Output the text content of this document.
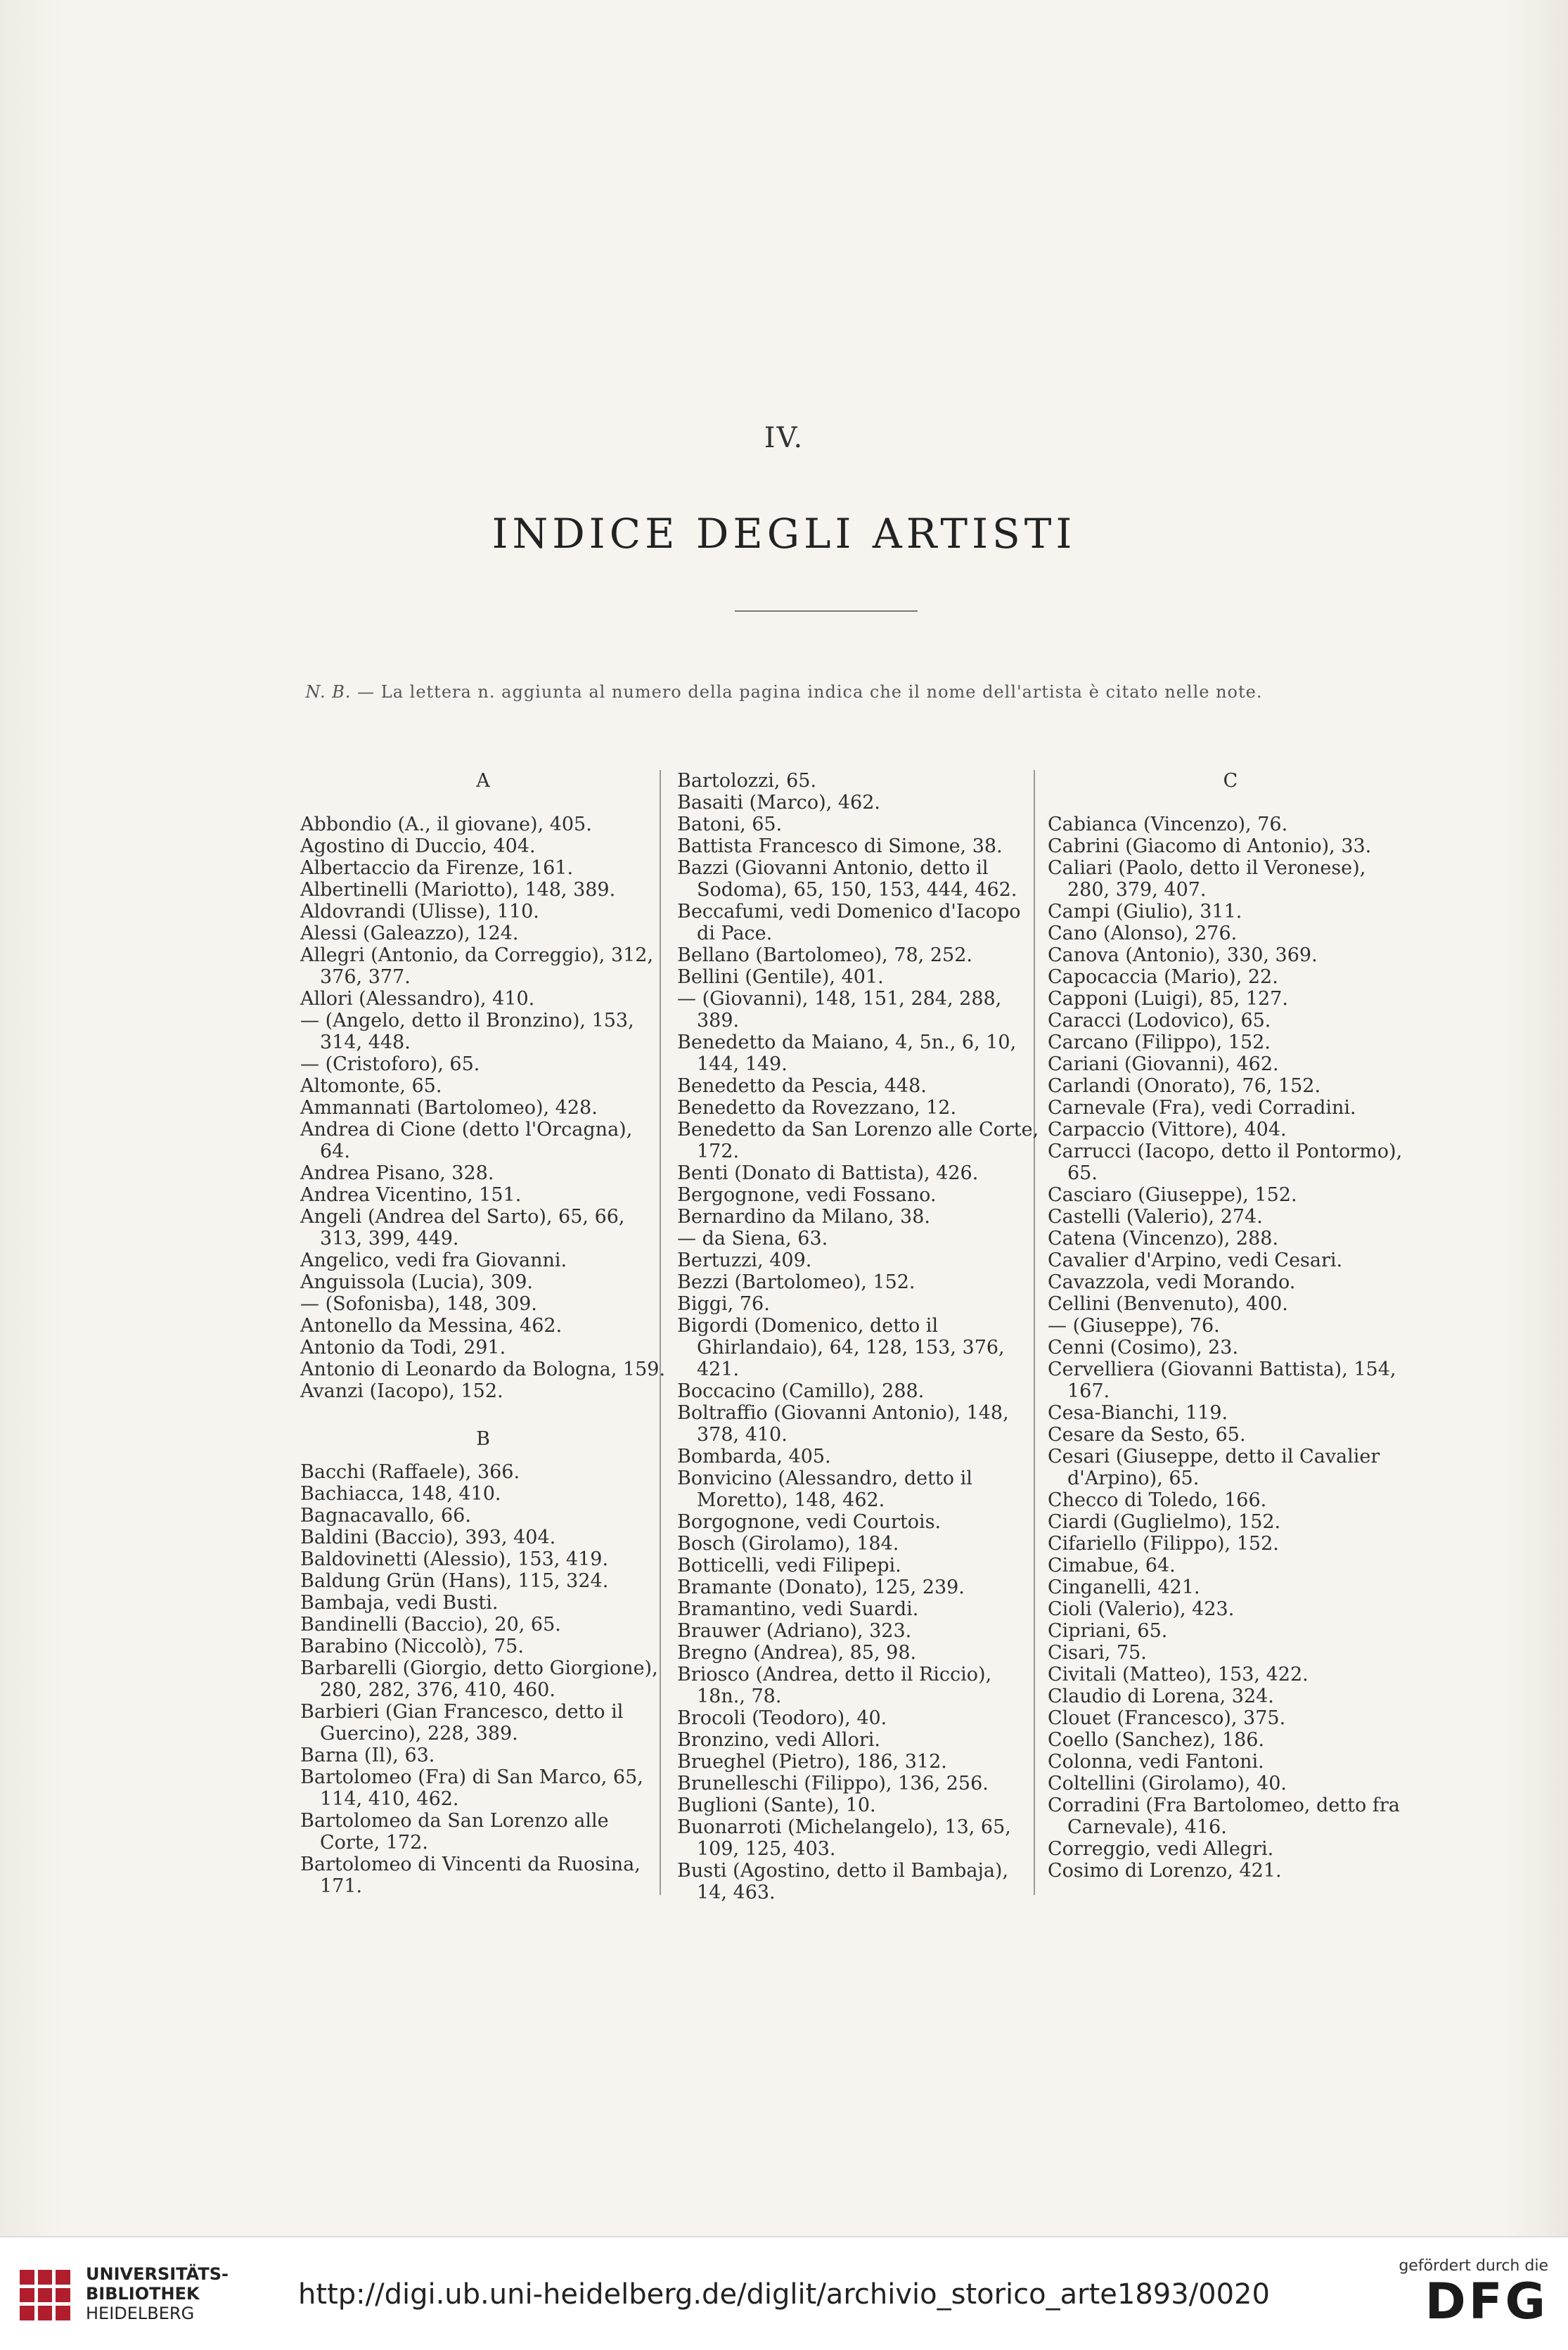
IV.
INDICE DEGLI ARTISTI
N. B. — La lettera n. aggiunta al numero della pagina indica che il nome dell'artista è citato nelle note.
A

Abbondio (A., il giovane), 405.

Agostino di Duccio, 404.

Albertaccio da Firenze, 161.

Albertinelli (Mariotto), 148, 389.

Aldovrandi (Ulisse), 110.

Alessi (Galeazzo), 124.

Allegri (Antonio, da Correggio), 312, 376, 377.

Allori (Alessandro), 410.

— (Angelo, detto il Bronzino), 153, 314, 448.

— (Cristoforo), 65.

Altomonte, 65.

Ammannati (Bartolomeo), 428.

Andrea di Cione (detto l'Orcagna), 64.

Andrea Pisano, 328.

Andrea Vicentino, 151.

Angeli (Andrea del Sarto), 65, 66, 313, 399, 449.

Angelico, vedi fra Giovanni.

Anguissola (Lucia), 309.

— (Sofonisba), 148, 309.

Antonello da Messina, 462.

Antonio da Todi, 291.

Antonio di Leonardo da Bologna, 159.

Avanzi (Iacopo), 152.

B

Bacchi (Raffaele), 366.

Bachiacca, 148, 410.

Bagnacavallo, 66.

Baldini (Baccio), 393, 404.

Baldovinetti (Alessio), 153, 419.

Baldung Grün (Hans), 115, 324.

Bambaja, vedi Busti.

Bandinelli (Baccio), 20, 65.

Barabino (Niccolò), 75.

Barbarelli (Giorgio, detto Giorgione), 280, 282, 376, 410, 460.

Barbieri (Gian Francesco, detto il Guercino), 228, 389.

Barna (Il), 63.

Bartolomeo (Fra) di San Marco, 65, 114, 410, 462.

Bartolomeo da San Lorenzo alle Corte, 172.

Bartolomeo di Vincenti da Ruosina, 171.

Bartolozzi, 65.

Basaiti (Marco), 462.

Batoni, 65.

Battista Francesco di Simone, 38.

Bazzi (Giovanni Antonio, detto il Sodoma), 65, 150, 153, 444, 462.

Beccafumi, vedi Domenico d'Iacopo di Pace.

Bellano (Bartolomeo), 78, 252.

Bellini (Gentile), 401.

— (Giovanni), 148, 151, 284, 288, 389.

Benedetto da Maiano, 4, 5n., 6, 10, 144, 149.

Benedetto da Pescia, 448.

Benedetto da Rovezzano, 12.

Benedetto da San Lorenzo alle Corte, 172.

Benti (Donato di Battista), 426.

Bergognone, vedi Fossano.

Bernardino da Milano, 38.

— da Siena, 63.

Bertuzzi, 409.

Bezzi (Bartolomeo), 152.

Biggi, 76.

Bigordi (Domenico, detto il Ghirlandaio), 64, 128, 153, 376, 421.

Boccacino (Camillo), 288.

Boltraffio (Giovanni Antonio), 148, 378, 410.

Bombarda, 405.

Bonvicino (Alessandro, detto il Moretto), 148, 462.

Borgognone, vedi Courtois.

Bosch (Girolamo), 184.

Botticelli, vedi Filipepi.

Bramante (Donato), 125, 239.

Bramantino, vedi Suardi.

Brauwer (Adriano), 323.

Bregno (Andrea), 85, 98.

Briosco (Andrea, detto il Riccio), 18n., 78.

Brocoli (Teodoro), 40.

Bronzino, vedi Allori.

Brueghel (Pietro), 186, 312.

Brunelleschi (Filippo), 136, 256.

Buglioni (Sante), 10.

Buonarroti (Michelangelo), 13, 65, 109, 125, 403.

Busti (Agostino, detto il Bambaja), 14, 463.

C

Cabianca (Vincenzo), 76.

Cabrini (Giacomo di Antonio), 33.

Caliari (Paolo, detto il Veronese), 280, 379, 407.

Campi (Giulio), 311.

Cano (Alonso), 276.

Canova (Antonio), 330, 369.

Capocaccia (Mario), 22.

Capponi (Luigi), 85, 127.

Caracci (Lodovico), 65.

Carcano (Filippo), 152.

Cariani (Giovanni), 462.

Carlandi (Onorato), 76, 152.

Carnevale (Fra), vedi Corradini.

Carpaccio (Vittore), 404.

Carrucci (Iacopo, detto il Pontormo), 65.

Casciaro (Giuseppe), 152.

Castelli (Valerio), 274.

Catena (Vincenzo), 288.

Cavalier d'Arpino, vedi Cesari.

Cavazzola, vedi Morando.

Cellini (Benvenuto), 400.

— (Giuseppe), 76.

Cenni (Cosimo), 23.

Cervelliera (Giovanni Battista), 154, 167.

Cesa-Bianchi, 119.

Cesare da Sesto, 65.

Cesari (Giuseppe, detto il Cavalier d'Arpino), 65.

Checco di Toledo, 166.

Ciardi (Guglielmo), 152.

Cifariello (Filippo), 152.

Cimabue, 64.

Cinganelli, 421.

Cioli (Valerio), 423.

Cipriani, 65.

Cisari, 75.

Civitali (Matteo), 153, 422.

Claudio di Lorena, 324.

Clouet (Francesco), 375.

Coello (Sanchez), 186.

Colonna, vedi Fantoni.

Coltellini (Girolamo), 40.

Corradini (Fra Bartolomeo, detto fra Carnevale), 416.

Correggio, vedi Allegri.

Cosimo di Lorenzo, 421.

UNIVERSITÄTS-
BIBLIOTHEK
HEIDELBERG
http://digi.ub.uni-heidelberg.de/diglit/archivio_storico_arte1893/0020
gefördert durch die
DFG
